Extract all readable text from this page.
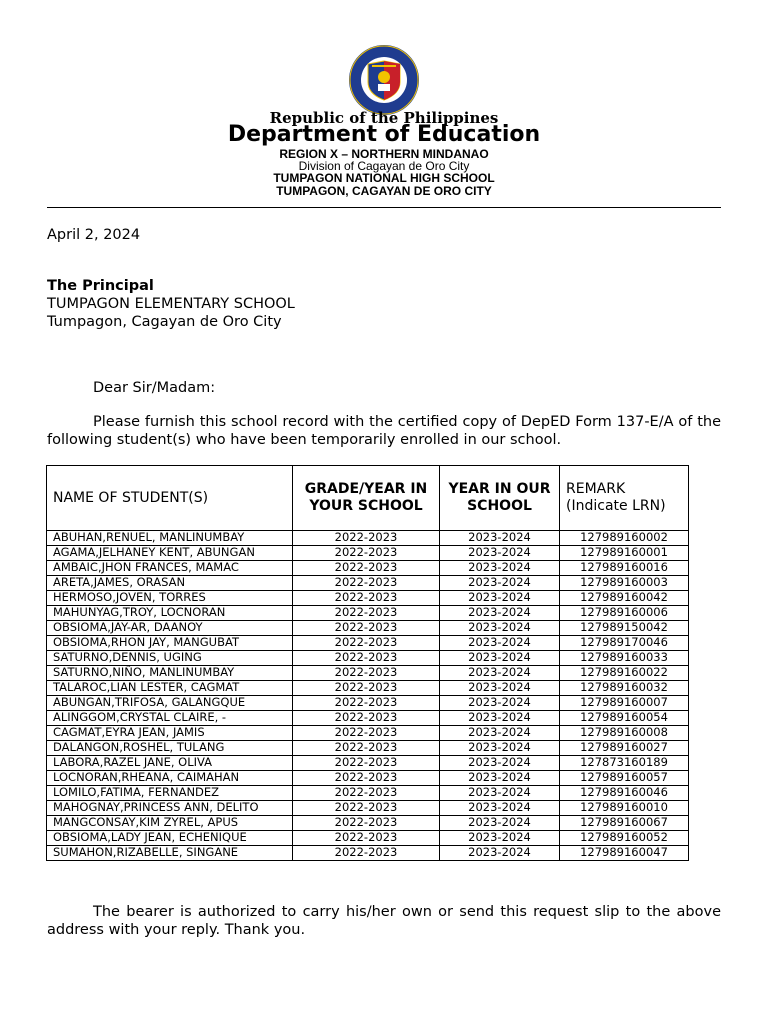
Republic of the Philippines
Department of Education
REGION X – NORTHERN MINDANAO
Division of Cagayan de Oro City
TUMPAGON NATIONAL HIGH SCHOOL
TUMPAGON, CAGAYAN DE ORO CITY
April 2, 2024
The Principal
TUMPAGON ELEMENTARY SCHOOL
Tumpagon, Cagayan de Oro City
Dear Sir/Madam:
Please furnish this school record with the certified copy of DepED Form 137-E/A of the following student(s) who have been temporarily enrolled in our school.
NAME OF STUDENT(S)	GRADE/YEAR IN YOUR SCHOOL	YEAR IN OUR SCHOOL	REMARK (Indicate LRN)
ABUHAN,RENUEL, MANLINUMBAY	2022-2023	2023-2024	127989160002
AGAMA,JELHANEY KENT, ABUNGAN	2022-2023	2023-2024	127989160001
AMBAIC,JHON FRANCES, MAMAC	2022-2023	2023-2024	127989160016
ARETA,JAMES, ORASAN	2022-2023	2023-2024	127989160003
HERMOSO,JOVEN, TORRES	2022-2023	2023-2024	127989160042
MAHUNYAG,TROY, LOCNORAN	2022-2023	2023-2024	127989160006
OBSIOMA,JAY-AR, DAANOY	2022-2023	2023-2024	127989150042
OBSIOMA,RHON JAY, MANGUBAT	2022-2023	2023-2024	127989170046
SATURNO,DENNIS, UGING	2022-2023	2023-2024	127989160033
SATURNO,NIÑO, MANLINUMBAY	2022-2023	2023-2024	127989160022
TALAROC,LIAN LESTER, CAGMAT	2022-2023	2023-2024	127989160032
ABUNGAN,TRIFOSA, GALANGQUE	2022-2023	2023-2024	127989160007
ALINGGOM,CRYSTAL CLAIRE, -	2022-2023	2023-2024	127989160054
CAGMAT,EYRA JEAN, JAMIS	2022-2023	2023-2024	127989160008
DALANGON,ROSHEL, TULANG	2022-2023	2023-2024	127989160027
LABORA,RAZEL JANE, OLIVA	2022-2023	2023-2024	127873160189
LOCNORAN,RHEANA, CAIMAHAN	2022-2023	2023-2024	127989160057
LOMILO,FATIMA, FERNANDEZ	2022-2023	2023-2024	127989160046
MAHOGNAY,PRINCESS ANN, DELITO	2022-2023	2023-2024	127989160010
MANGCONSAY,KIM ZYREL, APUS	2022-2023	2023-2024	127989160067
OBSIOMA,LADY JEAN, ECHENIQUE	2022-2023	2023-2024	127989160052
SUMAHON,RIZABELLE, SINGANE	2022-2023	2023-2024	127989160047
The bearer is authorized to carry his/her own or send this request slip to the above address with your reply. Thank you.
